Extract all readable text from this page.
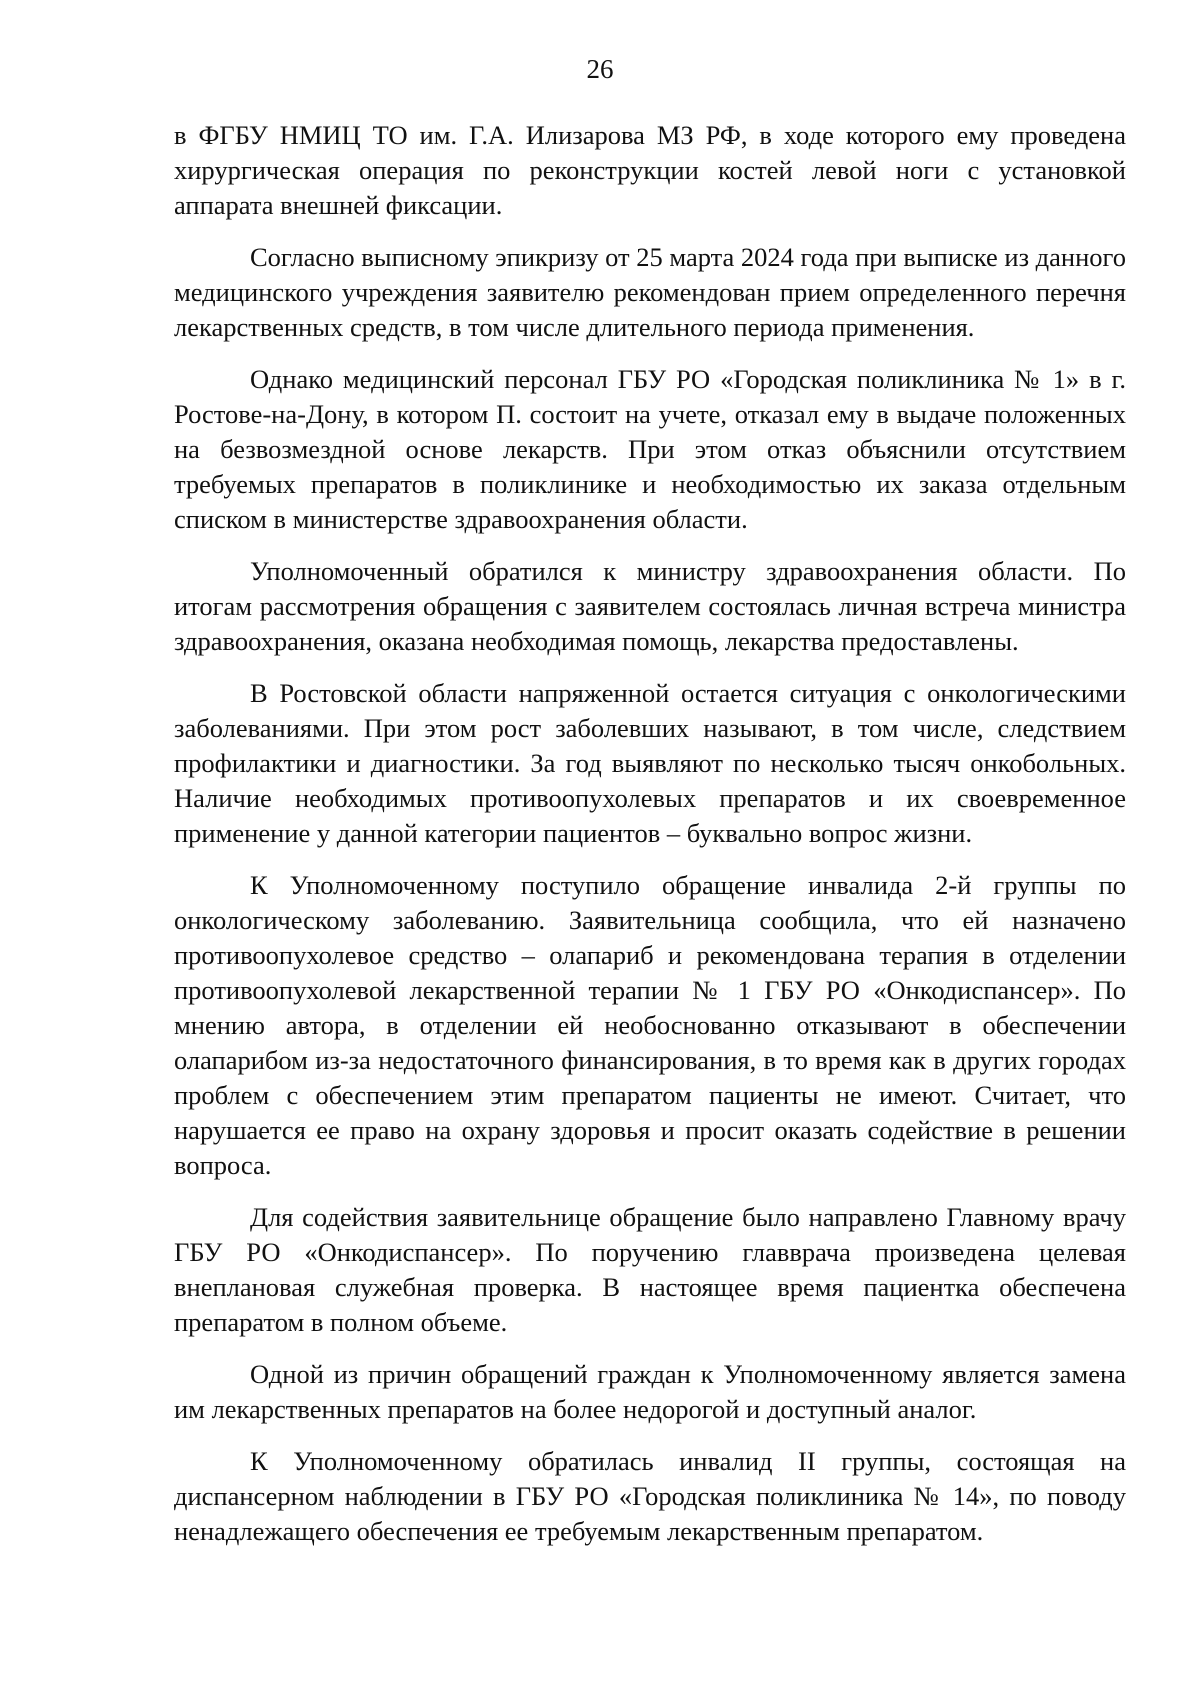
26

в ФГБУ НМИЦ ТО им. Г.А. Илизарова МЗ РФ, в ходе которого ему проведена хирургическая операция по реконструкции костей левой ноги с установкой аппарата внешней фиксации.

Согласно выписному эпикризу от 25 марта 2024 года при выписке из данного медицинского учреждения заявителю рекомендован прием определенного перечня лекарственных средств, в том числе длительного периода применения.

Однако медицинский персонал ГБУ РО «Городская поликлиника № 1» в г. Ростове-на-Дону, в котором П. состоит на учете, отказал ему в выдаче положенных на безвозмездной основе лекарств. При этом отказ объяснили отсутствием требуемых препаратов в поликлинике и необходимостью их заказа отдельным списком в министерстве здравоохранения области.

Уполномоченный обратился к министру здравоохранения области. По итогам рассмотрения обращения с заявителем состоялась личная встреча министра здравоохранения, оказана необходимая помощь, лекарства предоставлены.

В Ростовской области напряженной остается ситуация с онкологическими заболеваниями. При этом рост заболевших называют, в том числе, следствием профилактики и диагностики. За год выявляют по несколько тысяч онкобольных. Наличие необходимых противоопухолевых препаратов и их своевременное применение у данной категории пациентов – буквально вопрос жизни.

К Уполномоченному поступило обращение инвалида 2-й группы по онкологическому заболеванию. Заявительница сообщила, что ей назначено противоопухолевое средство – олапариб и рекомендована терапия в отделении противоопухолевой лекарственной терапии № 1 ГБУ РО «Онкодиспансер». По мнению автора, в отделении ей необоснованно отказывают в обеспечении олапарибом из-за недостаточного финансирования, в то время как в других городах проблем с обеспечением этим препаратом пациенты не имеют. Считает, что нарушается ее право на охрану здоровья и просит оказать содействие в решении вопроса.

Для содействия заявительнице обращение было направлено Главному врачу ГБУ РО «Онкодиспансер». По поручению главврача произведена целевая внеплановая служебная проверка. В настоящее время пациентка обеспечена препаратом в полном объеме.

Одной из причин обращений граждан к Уполномоченному является замена им лекарственных препаратов на более недорогой и доступный аналог.

К Уполномоченному обратилась инвалид II группы, состоящая на диспансерном наблюдении в ГБУ РО «Городская поликлиника № 14», по поводу ненадлежащего обеспечения ее требуемым лекарственным препаратом.
